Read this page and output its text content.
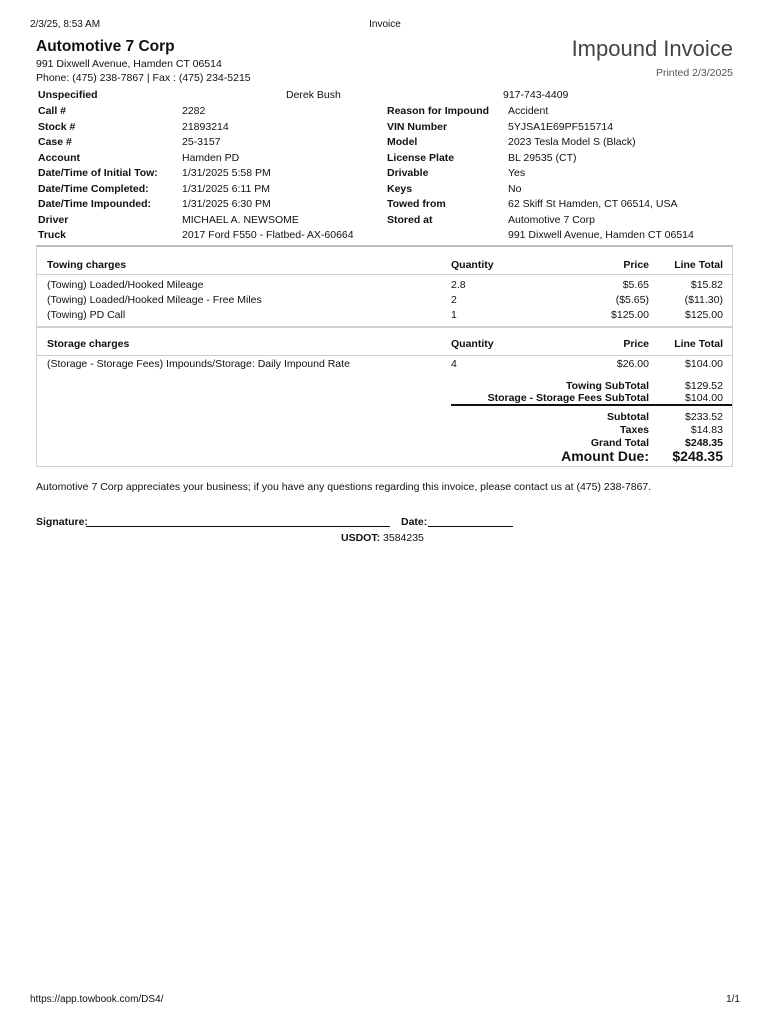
2/3/25, 8:53 AM	Invoice
Automotive 7 Corp
991 Dixwell Avenue, Hamden CT 06514
Phone: (475) 238-7867 | Fax : (475) 234-5215
Impound Invoice
Printed 2/3/2025
Unspecified	Derek Bush	917-743-4409
Call #	2282
Stock #	21893214
Case #	25-3157
Account	Hamden PD
Date/Time of Initial Tow: 1/31/2025 5:58 PM
Date/Time Completed:	1/31/2025 6:11 PM
Date/Time Impounded:	1/31/2025 6:30 PM
Driver	MICHAEL A. NEWSOME
Truck	2017 Ford F550 - Flatbed- AX-60664
Reason for Impound Accident
VIN Number	5YJSA1E69PF515714
Model	2023 Tesla Model S (Black)
License Plate	BL 29535 (CT)
Drivable	Yes
Keys	No
Towed from	62 Skiff St Hamden, CT 06514, USA
Stored at	Automotive 7 Corp
991 Dixwell Avenue, Hamden CT 06514
Towing charges	Quantity	Price Line Total
(Towing) Loaded/Hooked Mileage	2.8	$5.65	$15.82
(Towing) Loaded/Hooked Mileage - Free Miles	2	($5.65)	($11.30)
(Towing) PD Call	1	$125.00	$125.00
Storage charges	Quantity	Price Line Total
(Storage - Storage Fees) Impounds/Storage: Daily Impound Rate	4	$26.00	$104.00
Towing SubTotal	$129.52
Storage - Storage Fees SubTotal	$104.00
Subtotal	$233.52
Taxes	$14.83
Grand Total	$248.35
Amount Due: $248.35
Automotive 7 Corp appreciates your business; if you have any questions regarding this invoice, please contact us at (475) 238-7867.
Signature:	Date:
USDOT: 3584235
https://app.towbook.com/DS4/	1/1
